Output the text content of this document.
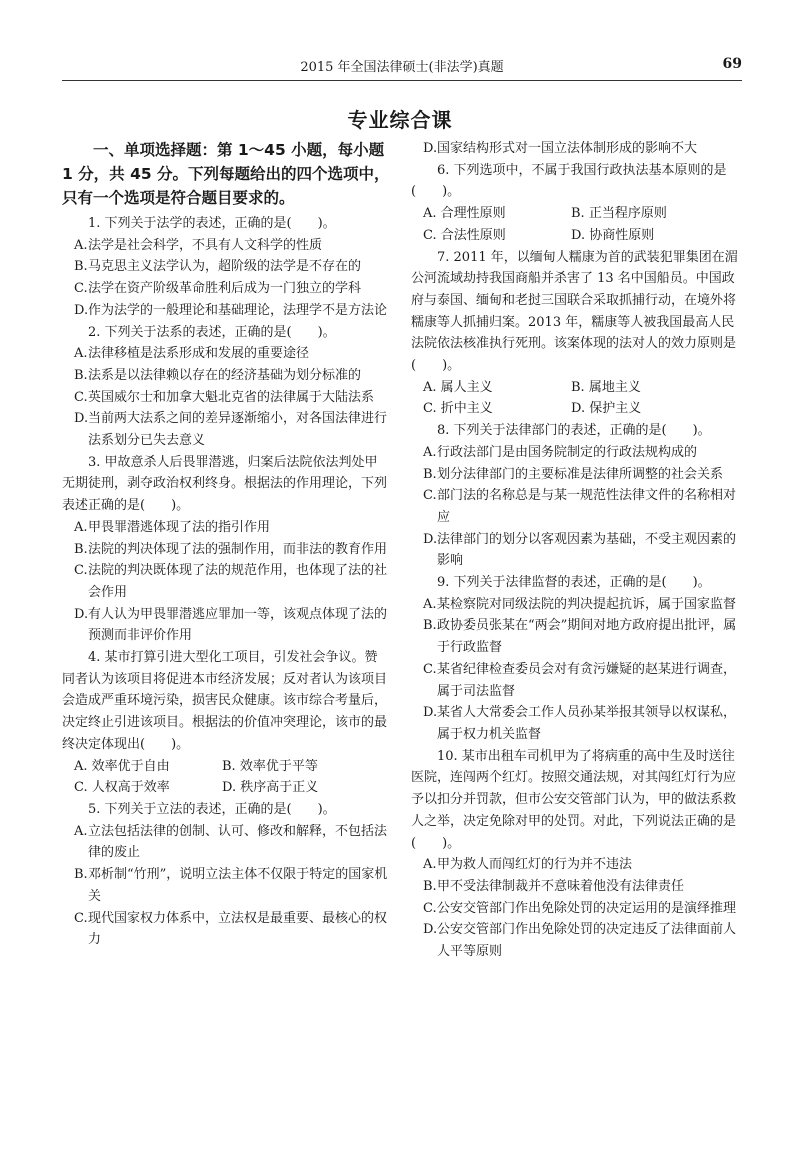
2015 年全国法律硕士(非法学)真题	69
专业综合课
一、单项选择题：第 1～45 小题，每小题 1 分，共 45 分。下列每题给出的四个选项中，只有一个选项是符合题目要求的。
1. 下列关于法学的表述，正确的是(　　)。
A.法学是社会科学，不具有人文科学的性质
B.马克思主义法学认为，超阶级的法学是不存在的
C.法学在资产阶级革命胜利后成为一门独立的学科
D.作为法学的一般理论和基础理论，法理学不是方法论
2. 下列关于法系的表述，正确的是(　　)。
A.法律移植是法系形成和发展的重要途径
B.法系是以法律赖以存在的经济基础为划分标准的
C.英国威尔士和加拿大魁北克省的法律属于大陆法系
D.当前两大法系之间的差异逐渐缩小，对各国法律进行法系划分已失去意义
3. 甲故意杀人后畏罪潜逃，归案后法院依法判处甲无期徒刑，剥夺政治权利终身。根据法的作用理论，下列表述正确的是(　　)。
A.甲畏罪潜逃体现了法的指引作用
B.法院的判决体现了法的强制作用，而非法的教育作用
C.法院的判决既体现了法的规范作用，也体现了法的社会作用
D.有人认为甲畏罪潜逃应罪加一等，该观点体现了法的预测而非评价作用
4. 某市打算引进大型化工项目，引发社会争议。赞同者认为该项目将促进本市经济发展；反对者认为该项目会造成严重环境污染，损害民众健康。该市综合考量后，决定终止引进该项目。根据法的价值冲突理论，该市的最终决定体现出(　　)。
A. 效率优于自由	B. 效率优于平等
C. 人权高于效率	D. 秩序高于正义
5. 下列关于立法的表述，正确的是(　　)。
A.立法包括法律的创制、认可、修改和解释，不包括法律的废止
B.邓析制“竹刑”，说明立法主体不仅限于特定的国家机关
C.现代国家权力体系中，立法权是最重要、最核心的权力
D.国家结构形式对一国立法体制形成的影响不大
6. 下列选项中，不属于我国行政执法基本原则的是(　　)。
A. 合理性原则	B. 正当程序原则
C. 合法性原则	D. 协商性原则
7. 2011 年，以缅甸人糯康为首的武装犯罪集团在湄公河流域劫持我国商船并杀害了 13 名中国船员。中国政府与泰国、缅甸和老挝三国联合采取抓捕行动，在境外将糯康等人抓捕归案。2013 年，糯康等人被我国最高人民法院依法核准执行死刑。该案体现的法对人的效力原则是(　　)。
A. 属人主义	B. 属地主义
C. 折中主义	D. 保护主义
8. 下列关于法律部门的表述，正确的是(　　)。
A.行政法部门是由国务院制定的行政法规构成的
B.划分法律部门的主要标准是法律所调整的社会关系
C.部门法的名称总是与某一规范性法律文件的名称相对应
D.法律部门的划分以客观因素为基础，不受主观因素的影响
9. 下列关于法律监督的表述，正确的是(　　)。
A.某检察院对同级法院的判决提起抗诉，属于国家监督
B.政协委员张某在“两会”期间对地方政府提出批评，属于行政监督
C.某省纪律检查委员会对有贪污嫌疑的赵某进行调查，属于司法监督
D.某省人大常委会工作人员孙某举报其领导以权谋私，属于权力机关监督
10. 某市出租车司机甲为了将病重的高中生及时送往医院，连闯两个红灯。按照交通法规，对其闯红灯行为应予以扣分并罚款，但市公安交管部门认为，甲的做法系救人之举，决定免除对甲的处罚。对此，下列说法正确的是(　　)。
A.甲为救人而闯红灯的行为并不违法
B.甲不受法律制裁并不意味着他没有法律责任
C.公安交管部门作出免除处罚的决定运用的是演绎推理
D.公安交管部门作出免除处罚的决定违反了法律面前人人平等原则
